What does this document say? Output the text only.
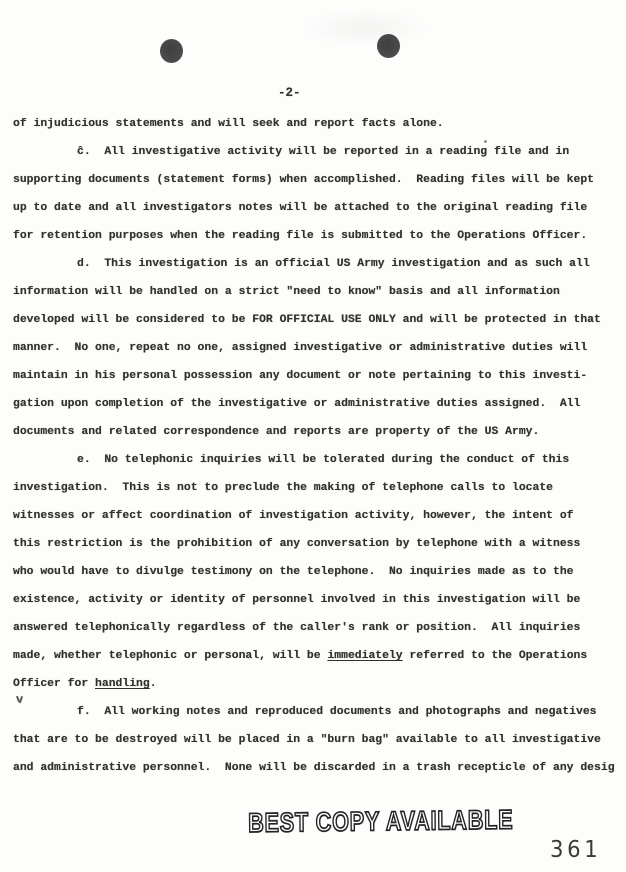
-2-
of injudicious statements and will seek and report facts alone.
ĉ.  All investigative activity will be reported in a reading file and in
supporting documents (statement forms) when accomplished.  Reading files will be kept
up to date and all investigators notes will be attached to the original reading file
for retention purposes when the reading file is submitted to the Operations Officer.
d.  This investigation is an official US Army investigation and as such all
information will be handled on a strict "need to know" basis and all information
developed will be considered to be FOR OFFICIAL USE ONLY and will be protected in that
manner.  No one, repeat no one, assigned investigative or administrative duties will
maintain in his personal possession any document or note pertaining to this investi-
gation upon completion of the investigative or administrative duties assigned.  All
documents and related correspondence and reports are property of the US Army.
e.  No telephonic inquiries will be tolerated during the conduct of this
investigation.  This is not to preclude the making of telephone calls to locate
witnesses or affect coordination of investigation activity, however, the intent of
this restriction is the prohibition of any conversation by telephone with a witness
who would have to divulge testimony on the telephone.  No inquiries made as to the
existence, activity or identity of personnel involved in this investigation will be
answered telephonically regardless of the caller's rank or position.  All inquiries
made, whether telephonic or personal, will be immediately referred to the Operations
Officer for handling.
f.  All working notes and reproduced documents and photographs and negatives
that are to be destroyed will be placed in a "burn bag" available to all investigative
and administrative personnel.  None will be discarded in a trash recepticle of any desig
BEST COPY AVAILABLE
361
